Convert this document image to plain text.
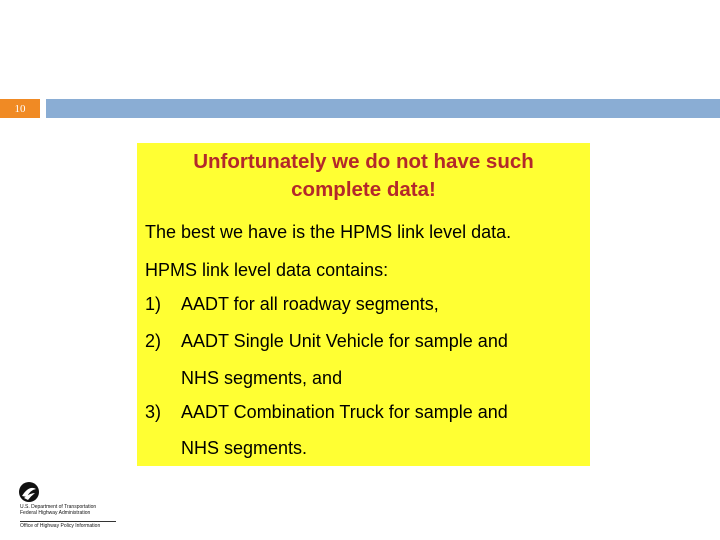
10
Unfortunately we do not have such
complete data!
The best we have is the HPMS link level data.
HPMS link level data contains:
1) AADT for all roadway segments,
2) AADT Single Unit Vehicle for sample and
NHS segments, and
3) AADT Combination Truck for sample and
NHS segments.
U.S. Department of Transportation
Federal Highway Administration
Office of Highway Policy Information
